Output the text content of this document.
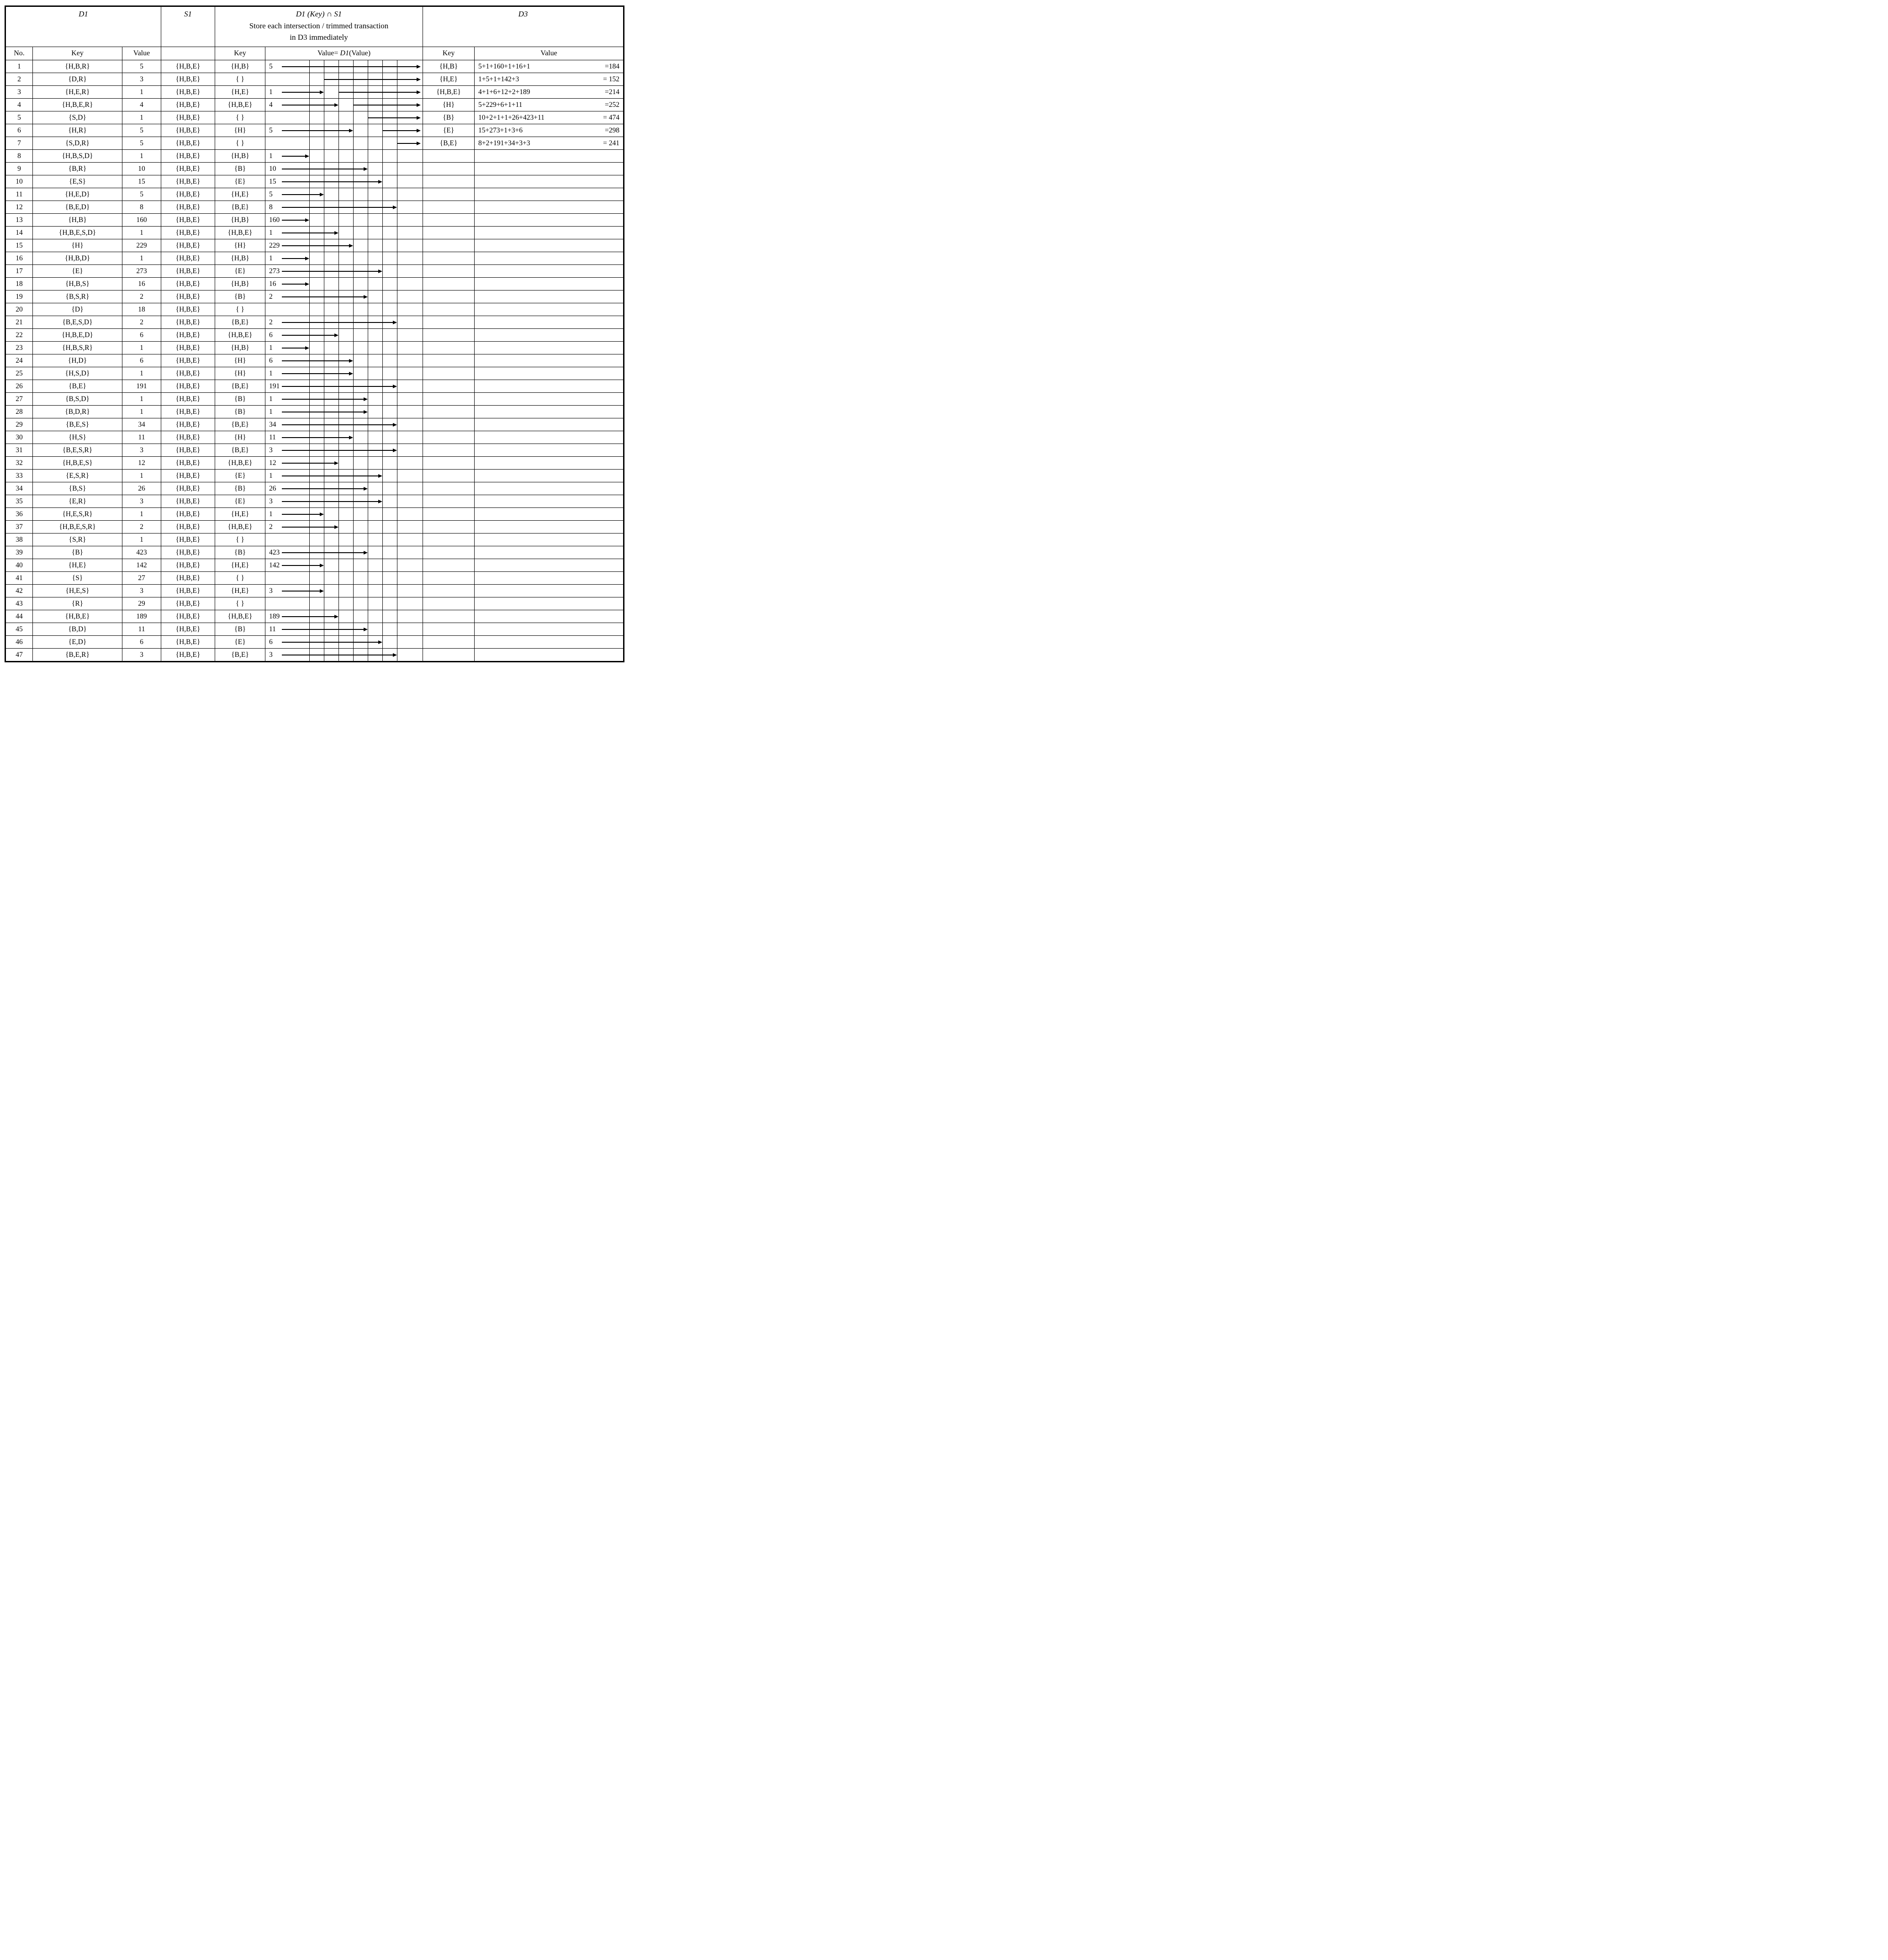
D1			S1	D1 (Key) ∩ S1
Store each intersection / trimmed transaction
in D3 immediately		D3	
No.	Key	Value		Key	Value= D1(Value)	Key	Value
1	{H,B,R}	5	{H,B,E}	{H,B}	5	{H,B}	5+1+160+1+16+1 =184

2	{D,R}	3	{H,B,E}	{ }		{H,E}	1+5+1+142+3 = 152

3	{H,E,R}	1	{H,B,E}	{H,E}	1	{H,B,E}	4+1+6+12+2+189 =214

4	{H,B,E,R}	4	{H,B,E}	{H,B,E}	4	{H}	5+229+6+1+11 =252

5	{S,D}	1	{H,B,E}	{ }		{B}	10+2+1+1+26+423+11 = 474

6	{H,R}	5	{H,B,E}	{H}	5	{E}	15+273+1+3+6 =298

7	{S,D,R}	5	{H,B,E}	{ }		{B,E}	8+2+191+34+3+3 = 241

8	{H,B,S,D}	1	{H,B,E}	{H,B}	1		

9	{B,R}	10	{H,B,E}	{B}	10		

10	{E,S}	15	{H,B,E}	{E}	15		

11	{H,E,D}	5	{H,B,E}	{H,E}	5		

12	{B,E,D}	8	{H,B,E}	{B,E}	8		

13	{H,B}	160	{H,B,E}	{H,B}	160		

14	{H,B,E,S,D}	1	{H,B,E}	{H,B,E}	1		

15	{H}	229	{H,B,E}	{H}	229		

16	{H,B,D}	1	{H,B,E}	{H,B}	1		

17	{E}	273	{H,B,E}	{E}	273		

18	{H,B,S}	16	{H,B,E}	{H,B}	16		

19	{B,S,R}	2	{H,B,E}	{B}	2		

20	{D}	18	{H,B,E}	{ }	

21	{B,E,S,D}	2	{H,B,E}	{B,E}	2		

22	{H,B,E,D}	6	{H,B,E}	{H,B,E}	6		

23	{H,B,S,R}	1	{H,B,E}	{H,B}	1		

24	{H,D}	6	{H,B,E}	{H}	6		

25	{H,S,D}	1	{H,B,E}	{H}	1		

26	{B,E}	191	{H,B,E}	{B,E}	191		

27	{B,S,D}	1	{H,B,E}	{B}	1		

28	{B,D,R}	1	{H,B,E}	{B}	1		

29	{B,E,S}	34	{H,B,E}	{B,E}	34		

30	{H,S}	11	{H,B,E}	{H}	11		

31	{B,E,S,R}	3	{H,B,E}	{B,E}	3		

32	{H,B,E,S}	12	{H,B,E}	{H,B,E}	12		

33	{E,S,R}	1	{H,B,E}	{E}	1		

34	{B,S}	26	{H,B,E}	{B}	26		

35	{E,R}	3	{H,B,E}	{E}	3		

36	{H,E,S,R}	1	{H,B,E}	{H,E}	1		

37	{H,B,E,S,R}	2	{H,B,E}	{H,B,E}	2		

38	{S,R}	1	{H,B,E}	{ }	

39	{B}	423	{H,B,E}	{B}	423		

40	{H,E}	142	{H,B,E}	{H,E}	142		

41	{S}	27	{H,B,E}	{ }	

42	{H,E,S}	3	{H,B,E}	{H,E}	3		

43	{R}	29	{H,B,E}	{ }	

44	{H,B,E}	189	{H,B,E}	{H,B,E}	189		

45	{B,D}	11	{H,B,E}	{B}	11		

46	{E,D}	6	{H,B,E}	{E}	6		

47	{B,E,R}	3	{H,B,E}	{B,E}	3		
